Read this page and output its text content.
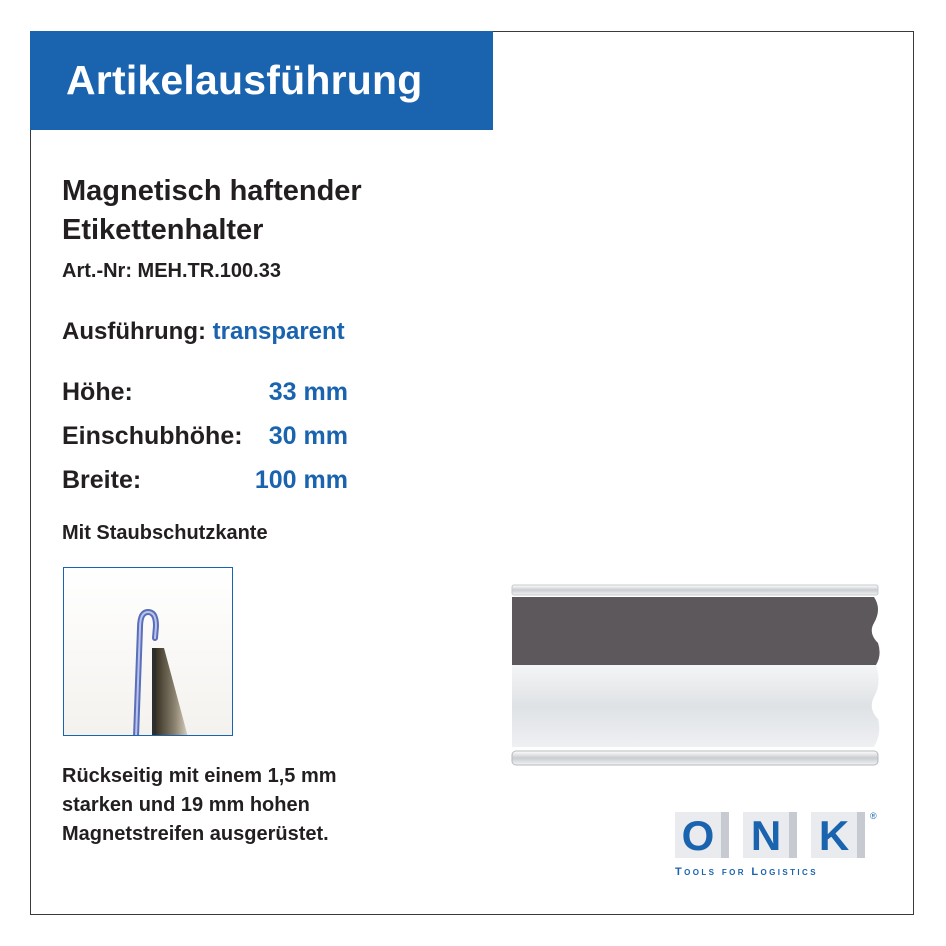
Artikelausführung
Magnetisch haftender
Etikettenhalter
Art.-Nr: MEH.TR.100.33
Ausführung: transparent
Höhe:	33 mm
Einschubhöhe: 30 mm
Breite:	100 mm
Mit Staubschutzkante
Rückseitig mit einem 1,5 mm
starken und 19 mm hohen
Magnetstreifen ausgerüstet.	O N K ®
Tools for Logistics
